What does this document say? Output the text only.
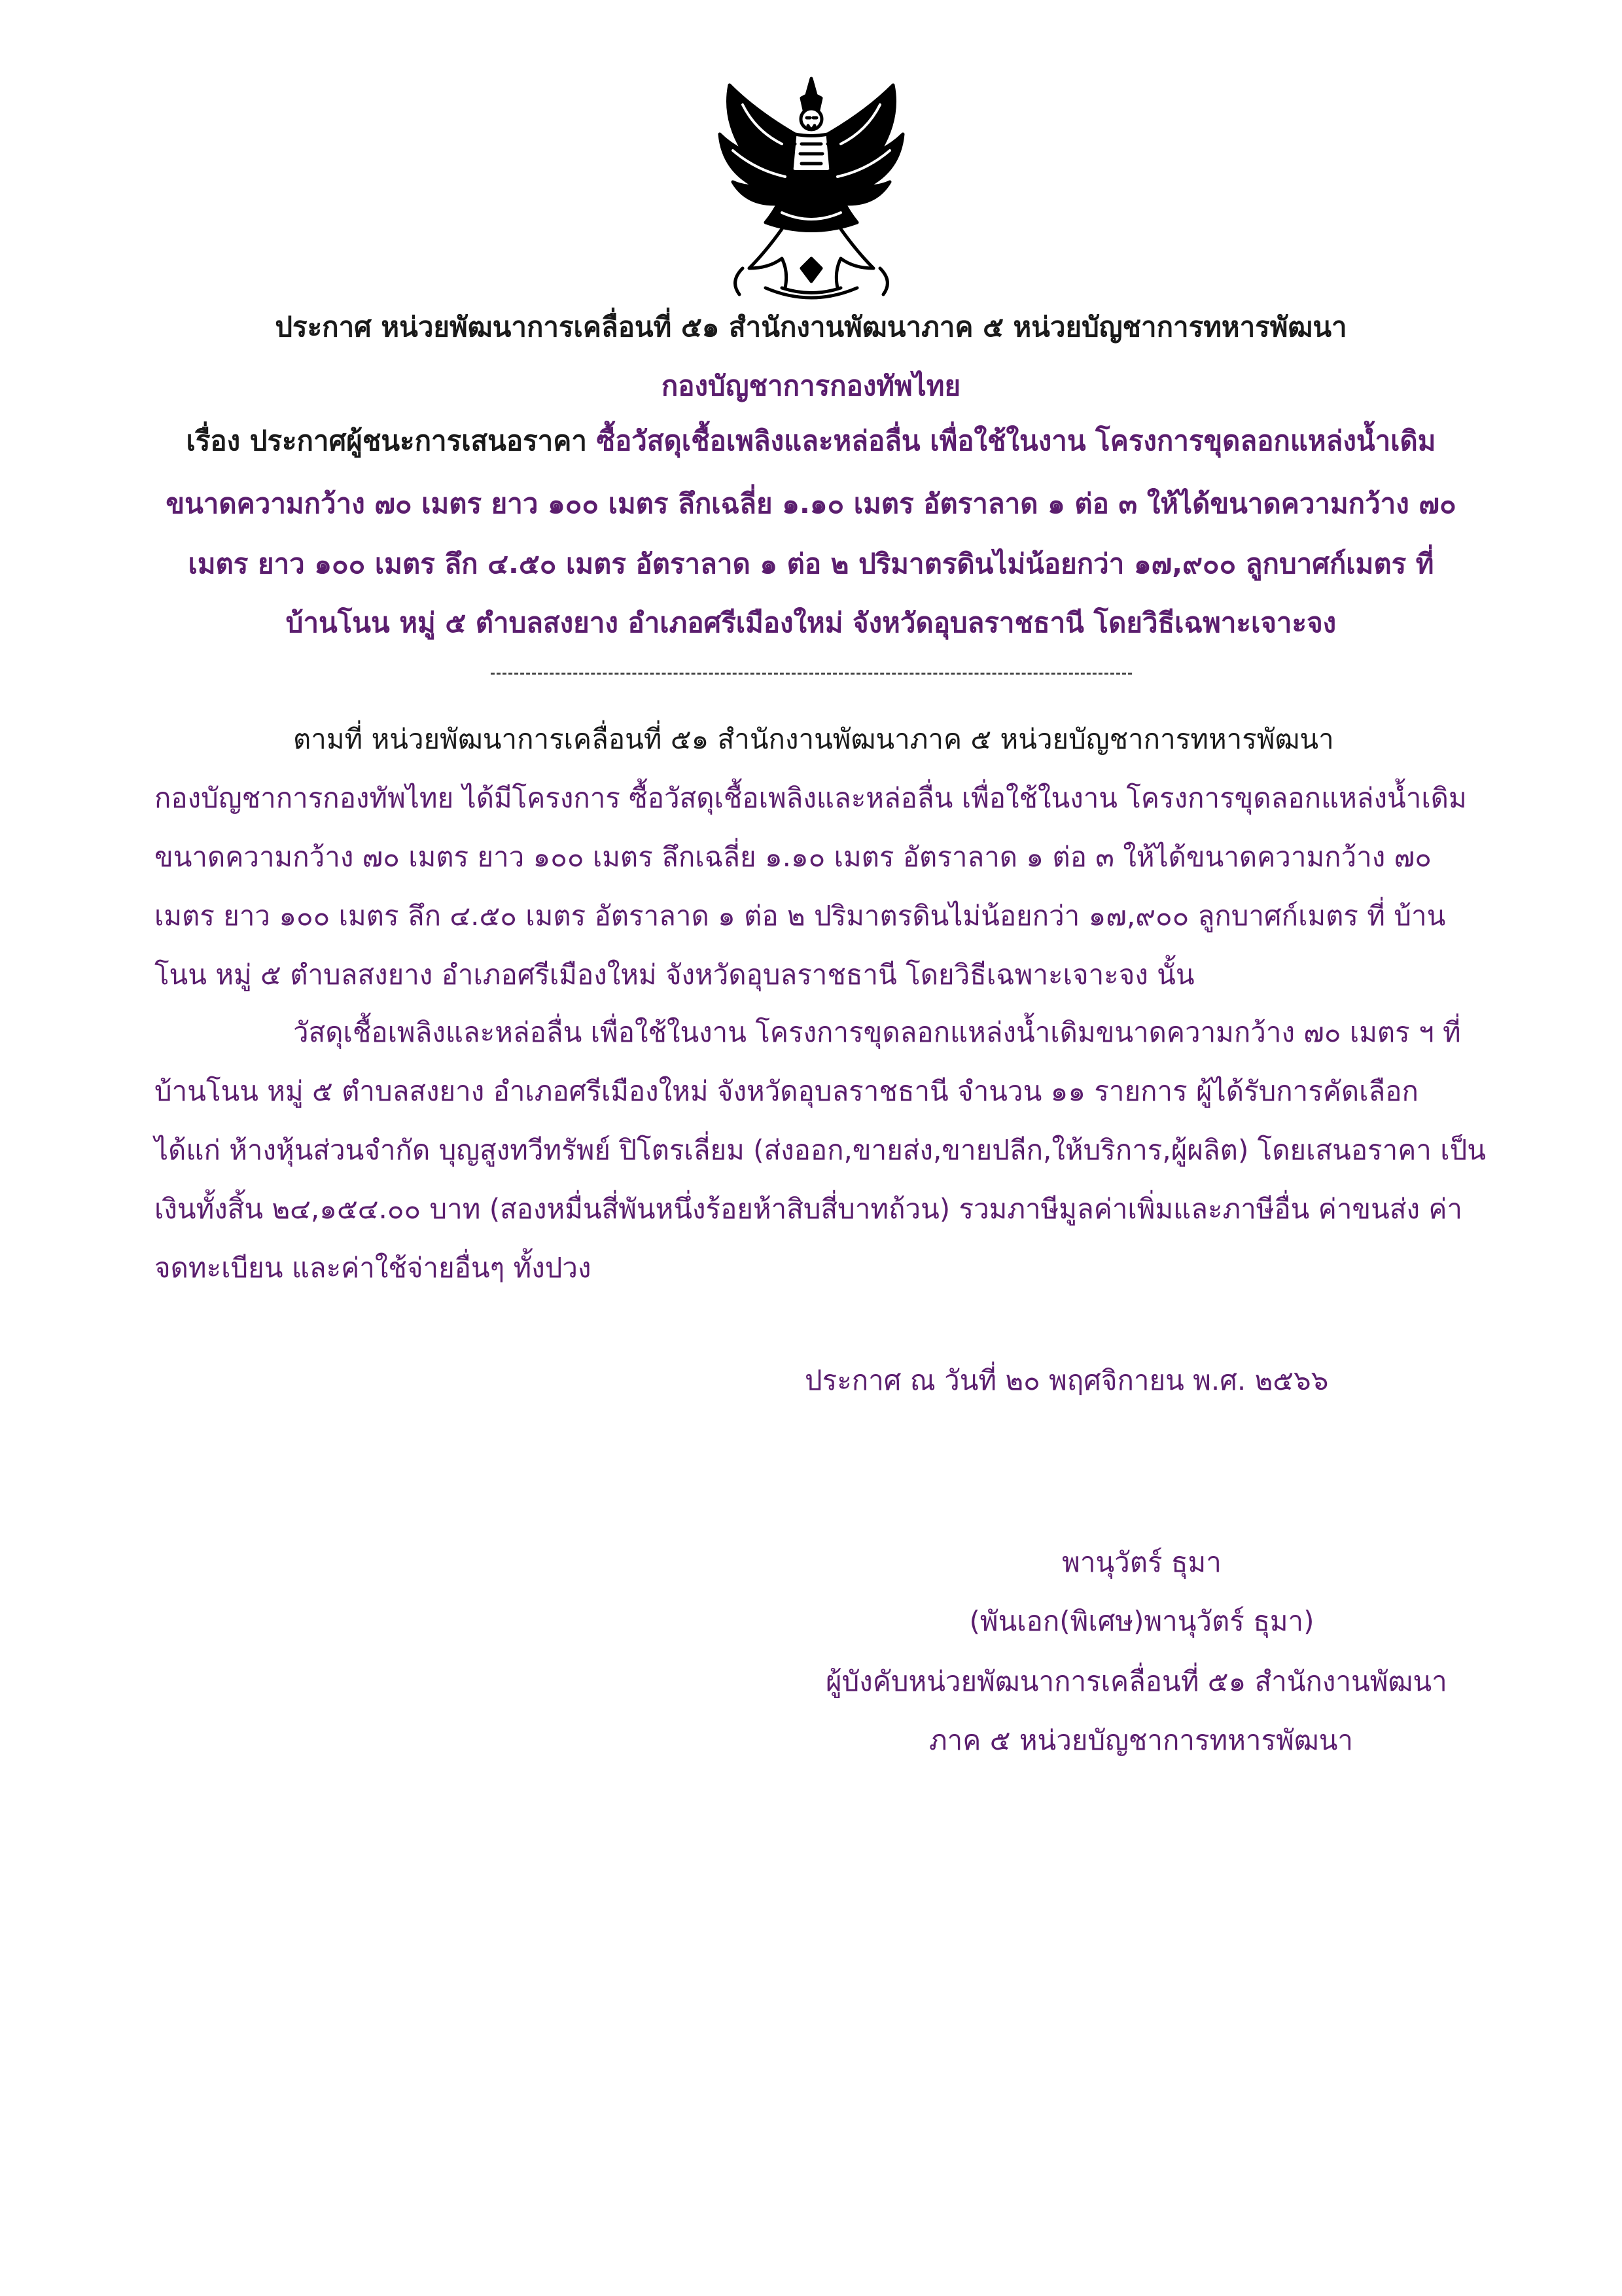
ประกาศ หน่วยพัฒนาการเคลื่อนที่ ๕๑ สำนักงานพัฒนาภาค ๕ หน่วยบัญชาการทหารพัฒนา
กองบัญชาการกองทัพไทย
เรื่อง ประกาศผู้ชนะการเสนอราคา ซื้อวัสดุเชื้อเพลิงและหล่อลื่น เพื่อใช้ในงาน โครงการขุดลอกแหล่งน้ำเดิม
ขนาดความกว้าง ๗๐ เมตร ยาว ๑๐๐ เมตร ลึกเฉลี่ย ๑.๑๐ เมตร อัตราลาด ๑ ต่อ ๓ ให้ได้ขนาดความกว้าง ๗๐
เมตร ยาว ๑๐๐ เมตร ลึก ๔.๕๐ เมตร อัตราลาด ๑ ต่อ ๒ ปริมาตรดินไม่น้อยกว่า ๑๗,๙๐๐ ลูกบาศก์เมตร ที่
บ้านโนน หมู่ ๕ ตำบลสงยาง อำเภอศรีเมืองใหม่ จังหวัดอุบลราชธานี โดยวิธีเฉพาะเจาะจง
ตามที่ หน่วยพัฒนาการเคลื่อนที่ ๕๑ สำนักงานพัฒนาภาค ๕ หน่วยบัญชาการทหารพัฒนา
กองบัญชาการกองทัพไทย ได้มีโครงการ ซื้อวัสดุเชื้อเพลิงและหล่อลื่น เพื่อใช้ในงาน โครงการขุดลอกแหล่งน้ำเดิม
ขนาดความกว้าง ๗๐ เมตร ยาว ๑๐๐ เมตร ลึกเฉลี่ย ๑.๑๐ เมตร อัตราลาด ๑ ต่อ ๓ ให้ได้ขนาดความกว้าง ๗๐
เมตร ยาว ๑๐๐ เมตร ลึก ๔.๕๐ เมตร อัตราลาด ๑ ต่อ ๒ ปริมาตรดินไม่น้อยกว่า ๑๗,๙๐๐ ลูกบาศก์เมตร ที่ บ้าน
โนน หมู่ ๕ ตำบลสงยาง อำเภอศรีเมืองใหม่ จังหวัดอุบลราชธานี โดยวิธีเฉพาะเจาะจง นั้น
วัสดุเชื้อเพลิงและหล่อลื่น เพื่อใช้ในงาน โครงการขุดลอกแหล่งน้ำเดิมขนาดความกว้าง ๗๐ เมตร ฯ ที่
บ้านโนน หมู่ ๕ ตำบลสงยาง อำเภอศรีเมืองใหม่ จังหวัดอุบลราชธานี จำนวน ๑๑ รายการ ผู้ได้รับการคัดเลือก
ได้แก่ ห้างหุ้นส่วนจำกัด บุญสูงทวีทรัพย์ ปิโตรเลี่ยม (ส่งออก,ขายส่ง,ขายปลีก,ให้บริการ,ผู้ผลิต) โดยเสนอราคา เป็น
เงินทั้งสิ้น ๒๔,๑๕๔.๐๐ บาท (สองหมื่นสี่พันหนึ่งร้อยห้าสิบสี่บาทถ้วน) รวมภาษีมูลค่าเพิ่มและภาษีอื่น ค่าขนส่ง ค่า
จดทะเบียน และค่าใช้จ่ายอื่นๆ ทั้งปวง
ประกาศ ณ วันที่ ๒๐ พฤศจิกายน พ.ศ. ๒๕๖๖
พานุวัตร์ ธุมา
(พันเอก(พิเศษ)พานุวัตร์ ธุมา)
ผู้บังคับหน่วยพัฒนาการเคลื่อนที่ ๕๑ สำนักงานพัฒนา
ภาค ๕ หน่วยบัญชาการทหารพัฒนา
